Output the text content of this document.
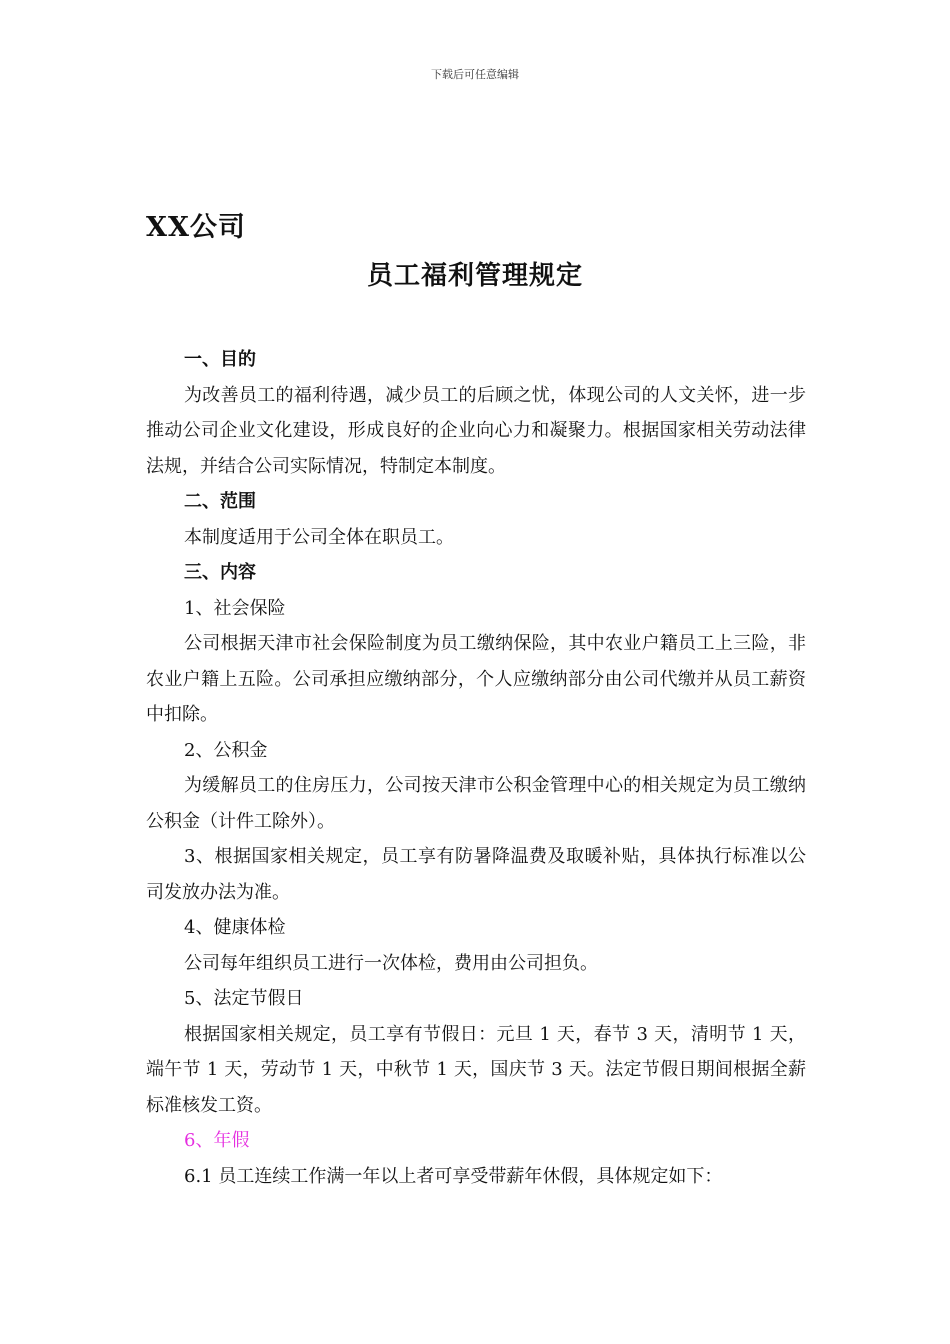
下载后可任意编辑
XX公司
员工福利管理规定

一、目的

为改善员工的福利待遇，减少员工的后顾之忧，体现公司的人文关怀，进一步推动公司企业文化建设，形成良好的企业向心力和凝聚力。根据国家相关劳动法律法规，并结合公司实际情况，特制定本制度。

二、范围

本制度适用于公司全体在职员工。

三、内容

1、社会保险

公司根据天津市社会保险制度为员工缴纳保险，其中农业户籍员工上三险，非农业户籍上五险。公司承担应缴纳部分，个人应缴纳部分由公司代缴并从员工薪资中扣除。

2、公积金

为缓解员工的住房压力，公司按天津市公积金管理中心的相关规定为员工缴纳公积金（计件工除外）。

3、根据国家相关规定，员工享有防暑降温费及取暖补贴，具体执行标准以公司发放办法为准。

4、健康体检

公司每年组织员工进行一次体检，费用由公司担负。

5、法定节假日

根据国家相关规定，员工享有节假日：元旦 1 天，春节 3 天，清明节 1 天，端午节 1 天，劳动节 1 天，中秋节 1 天，国庆节 3 天。法定节假日期间根据全薪标准核发工资。

6、年假

6.1 员工连续工作满一年以上者可享受带薪年休假，具体规定如下：
